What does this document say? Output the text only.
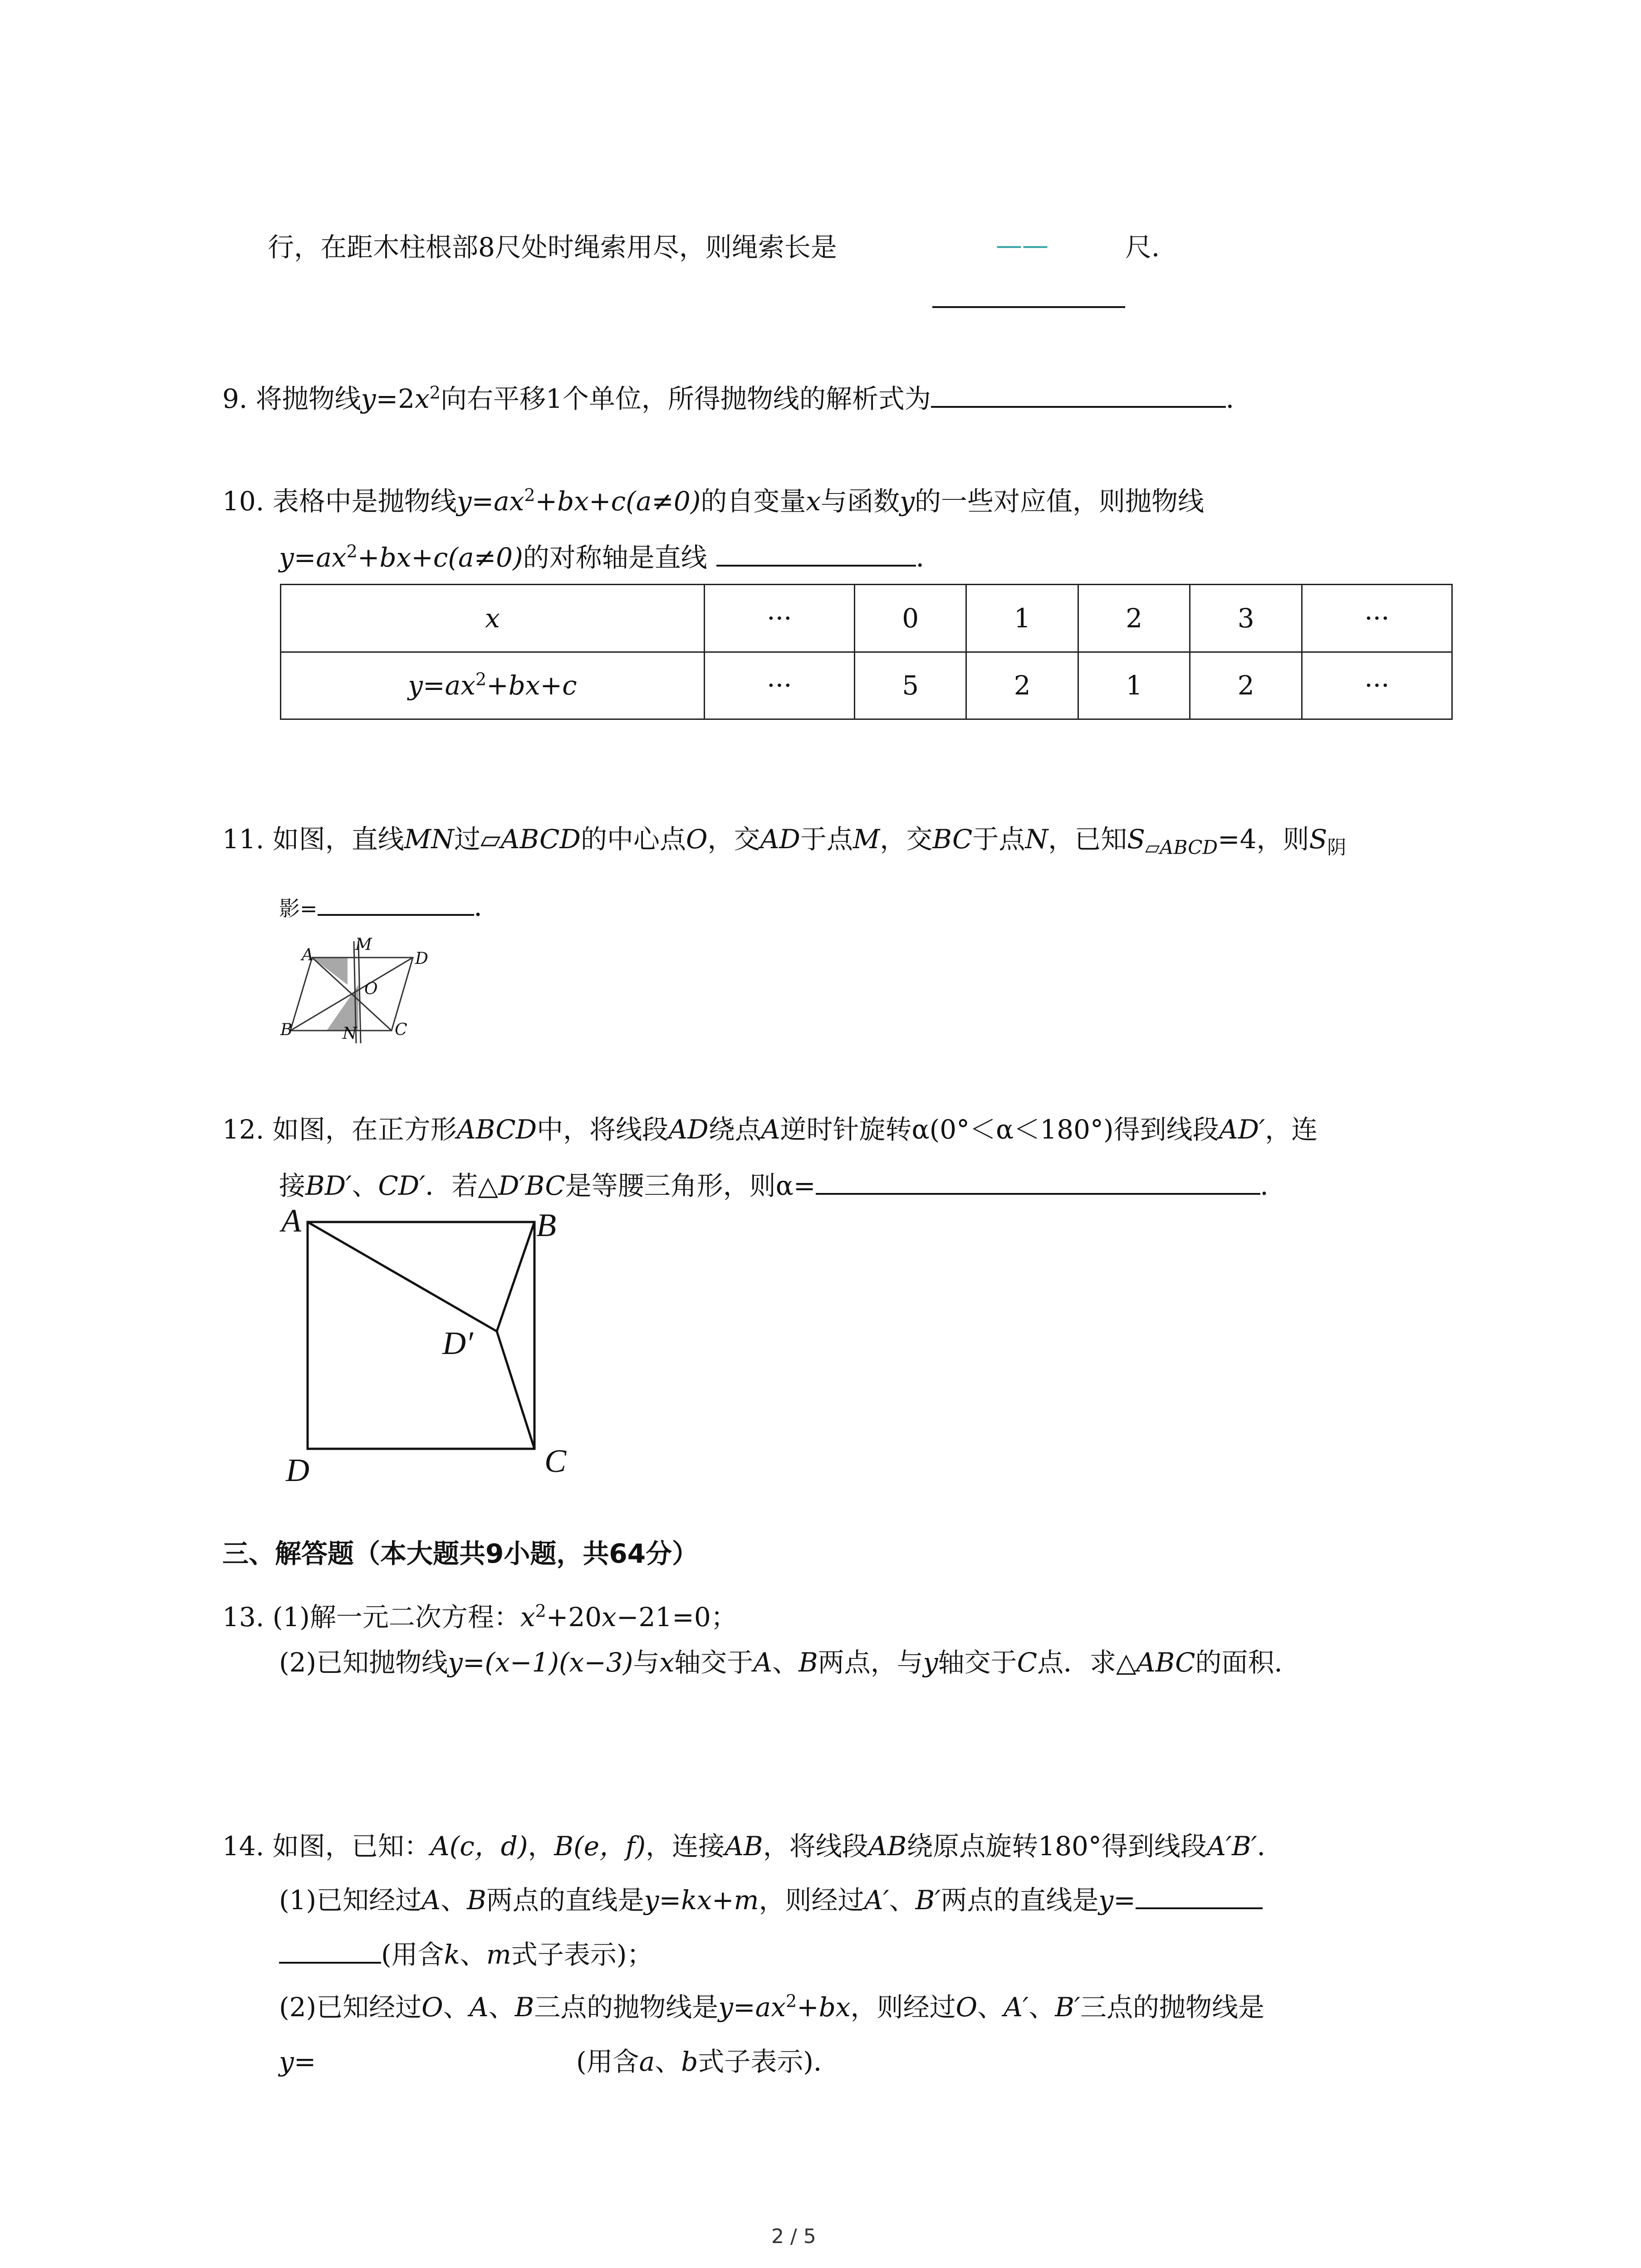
行，在距木柱根部8尺处时绳索用尽，则绳索长是	——	尺．
9. 将抛物线$y=2x^2$向右平移1个单位，所得抛物线的解析式为	．
10. 表格中是抛物线$y=ax^2+bx+c(a\ne 0)$的自变量x与函数y的一些对应值，则抛物线
$y=ax^2+bx+c(a\ne 0)$的对称轴是直线	．
x	···	0	1	2	3	···
$y=ax^2+bx+c$	···	5	2	1	2	···
11. 如图，直线MN过▱ABCD的中心点O，交AD于点M，交BC于点N，已知$S_{▱ABCD}=4$，则$S_阴$
影=	．
A
M
D
O
B	N C
12. 如图，在正方形ABCD中，将线段AD绕点A逆时针旋转α(0°＜α＜180°)得到线段AD′，连
接BD′、CD′．若△D′BC是等腰三角形，则α=	．
A	B
D′
D	C
三、解答题（本大题共9小题，共64分）
13. (1)解一元二次方程：$x^2+20x-21=0$；
(2)已知抛物线y=(x−1)(x−3)与x轴交于A、B两点，与y轴交于C点．求△ABC的面积．
14. 如图，已知：A(c，d)，B(e，f)，连接AB，将线段AB绕原点旋转180°得到线段A′B′．
(1)已知经过A、B两点的直线是y=kx+m，则经过A′、B′两点的直线是y=
(用含k、m式子表示)；
(2)已知经过O、A、B三点的抛物线是$y=ax^2+bx$，则经过O、A′、B′三点的抛物线是
y=	(用含a、b式子表示)．
2 / 5
